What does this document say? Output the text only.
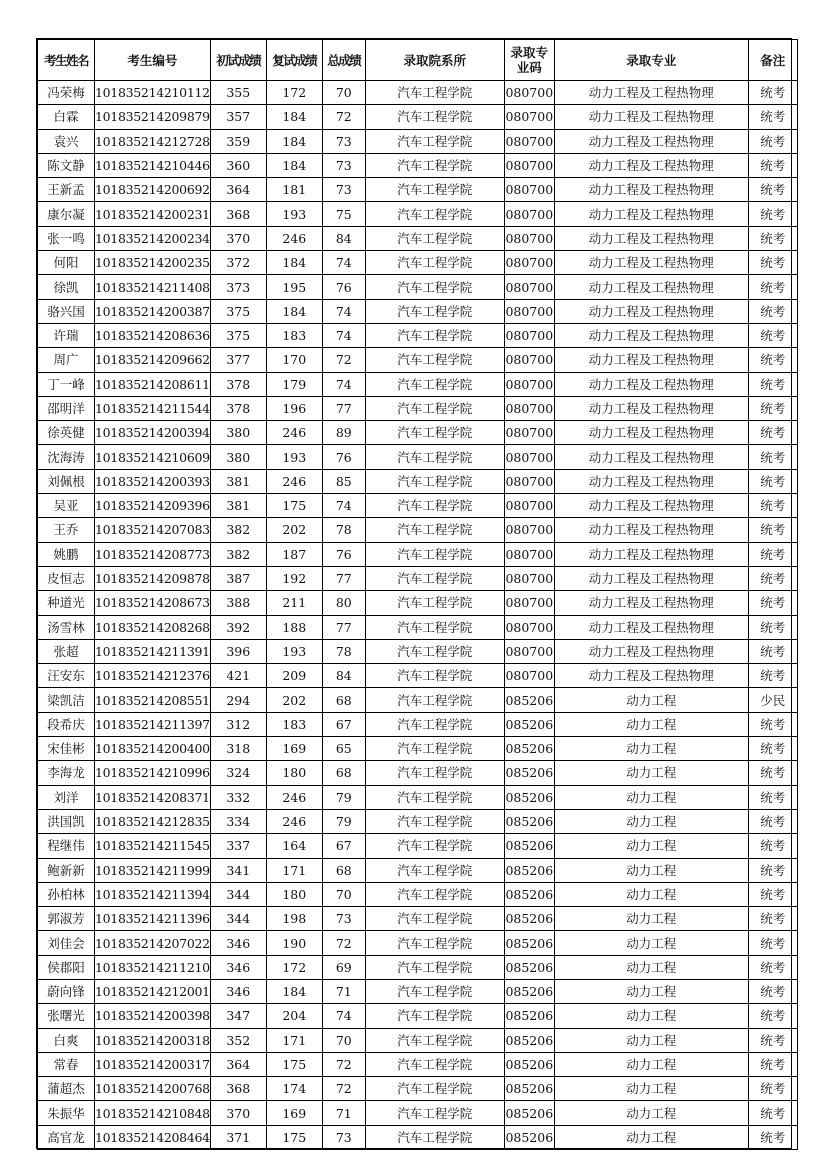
考生姓名	考生编号	初试成绩	复试成绩	总成绩	录取院系所	录取专业码	录取专业	备注
冯荣梅	101835214210112	355	172	70	汽车工程学院	080700	动力工程及工程热物理	统考
白霖	101835214209879	357	184	72	汽车工程学院	080700	动力工程及工程热物理	统考
袁兴	101835214212728	359	184	73	汽车工程学院	080700	动力工程及工程热物理	统考
陈文静	101835214210446	360	184	73	汽车工程学院	080700	动力工程及工程热物理	统考
王新孟	101835214200692	364	181	73	汽车工程学院	080700	动力工程及工程热物理	统考
康尔凝	101835214200231	368	193	75	汽车工程学院	080700	动力工程及工程热物理	统考
张一鸣	101835214200234	370	246	84	汽车工程学院	080700	动力工程及工程热物理	统考
何阳	101835214200235	372	184	74	汽车工程学院	080700	动力工程及工程热物理	统考
徐凯	101835214211408	373	195	76	汽车工程学院	080700	动力工程及工程热物理	统考
骆兴国	101835214200387	375	184	74	汽车工程学院	080700	动力工程及工程热物理	统考
许瑞	101835214208636	375	183	74	汽车工程学院	080700	动力工程及工程热物理	统考
周广	101835214209662	377	170	72	汽车工程学院	080700	动力工程及工程热物理	统考
丁一峰	101835214208611	378	179	74	汽车工程学院	080700	动力工程及工程热物理	统考
邵明洋	101835214211544	378	196	77	汽车工程学院	080700	动力工程及工程热物理	统考
徐英健	101835214200394	380	246	89	汽车工程学院	080700	动力工程及工程热物理	统考
沈海涛	101835214210609	380	193	76	汽车工程学院	080700	动力工程及工程热物理	统考
刘佩根	101835214200393	381	246	85	汽车工程学院	080700	动力工程及工程热物理	统考
吴亚	101835214209396	381	175	74	汽车工程学院	080700	动力工程及工程热物理	统考
王乔	101835214207083	382	202	78	汽车工程学院	080700	动力工程及工程热物理	统考
姚鹏	101835214208773	382	187	76	汽车工程学院	080700	动力工程及工程热物理	统考
皮恒志	101835214209878	387	192	77	汽车工程学院	080700	动力工程及工程热物理	统考
种道光	101835214208673	388	211	80	汽车工程学院	080700	动力工程及工程热物理	统考
汤雪林	101835214208268	392	188	77	汽车工程学院	080700	动力工程及工程热物理	统考
张超	101835214211391	396	193	78	汽车工程学院	080700	动力工程及工程热物理	统考
汪安东	101835214212376	421	209	84	汽车工程学院	080700	动力工程及工程热物理	统考
梁凯洁	101835214208551	294	202	68	汽车工程学院	085206	动力工程	少民
段希庆	101835214211397	312	183	67	汽车工程学院	085206	动力工程	统考
宋佳彬	101835214200400	318	169	65	汽车工程学院	085206	动力工程	统考
李海龙	101835214210996	324	180	68	汽车工程学院	085206	动力工程	统考
刘洋	101835214208371	332	246	79	汽车工程学院	085206	动力工程	统考
洪国凯	101835214212835	334	246	79	汽车工程学院	085206	动力工程	统考
程继伟	101835214211545	337	164	67	汽车工程学院	085206	动力工程	统考
鲍新新	101835214211999	341	171	68	汽车工程学院	085206	动力工程	统考
孙柏林	101835214211394	344	180	70	汽车工程学院	085206	动力工程	统考
郭淑芳	101835214211396	344	198	73	汽车工程学院	085206	动力工程	统考
刘佳会	101835214207022	346	190	72	汽车工程学院	085206	动力工程	统考
侯郡阳	101835214211210	346	172	69	汽车工程学院	085206	动力工程	统考
蔚向锋	101835214212001	346	184	71	汽车工程学院	085206	动力工程	统考
张曙光	101835214200398	347	204	74	汽车工程学院	085206	动力工程	统考
白爽	101835214200318	352	171	70	汽车工程学院	085206	动力工程	统考
常春	101835214200317	364	175	72	汽车工程学院	085206	动力工程	统考
蒲超杰	101835214200768	368	174	72	汽车工程学院	085206	动力工程	统考
朱振华	101835214210848	370	169	71	汽车工程学院	085206	动力工程	统考
高官龙	101835214208464	371	175	73	汽车工程学院	085206	动力工程	统考
